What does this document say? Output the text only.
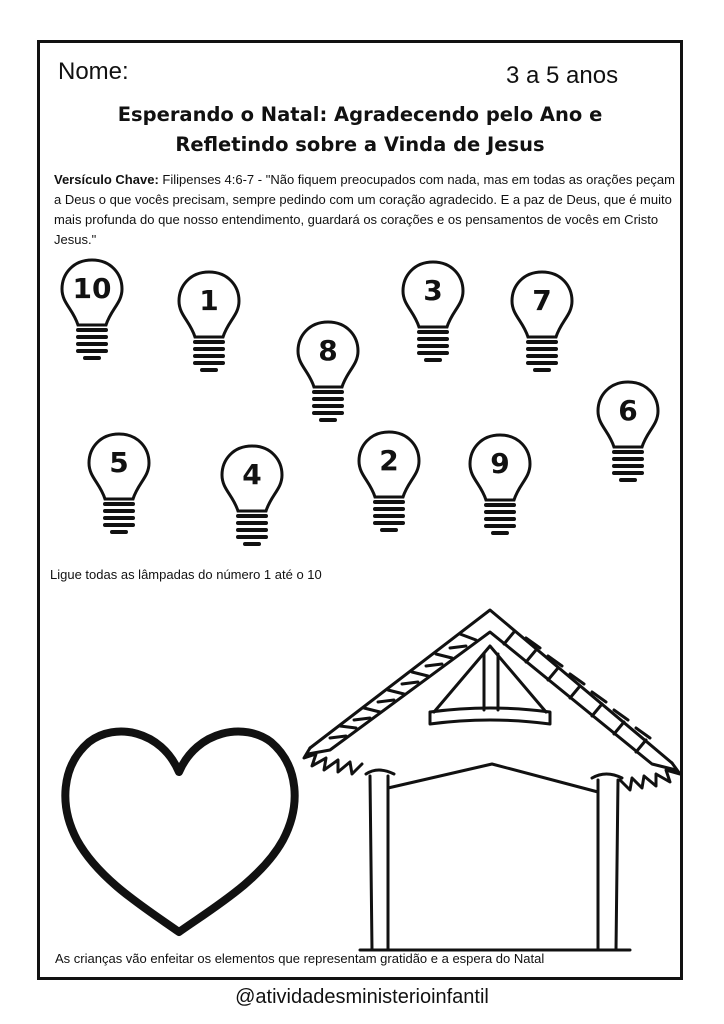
Nome:	3 a 5 anos
Esperando o Natal: Agradecendo pelo Ano e
Refletindo sobre a Vinda de Jesus
Versículo Chave: Filipenses 4:6-7 - "Não fiquem preocupados com nada, mas em todas as orações peçam a Deus o que vocês precisam, sempre pedindo com um coração agradecido. E a paz de Deus, que é muito mais profunda do que nosso entendimento, guardará os corações e os pensamentos de vocês em Cristo Jesus."
10	1
8
3	7
6
5	4	2	9
Ligue todas as lâmpadas do número 1 até o 10
As crianças vão enfeitar os elementos que representam gratidão e a espera do Natal
@atividadesministerioinfantil
